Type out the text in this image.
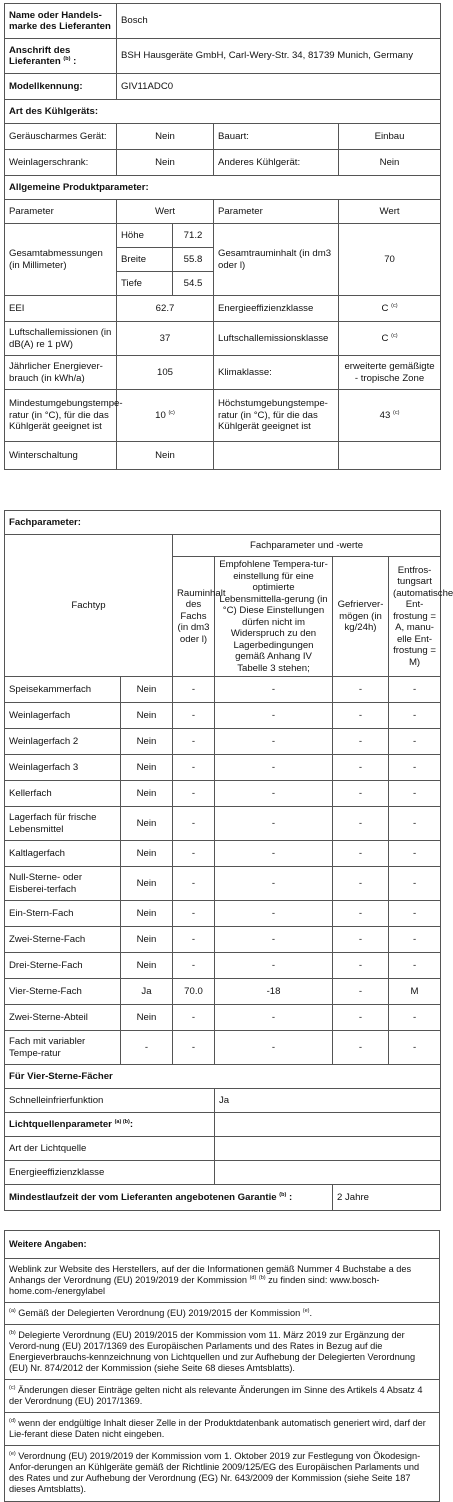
Name oder Handels-marke des Lieferanten	Bosch			
Anschrift des Lieferanten $^{(b)}$ :	BSH Hausgeräte GmbH, Carl-Wery-Str. 34, 81739 Munich, Germany			
Modellkennung:	GIV11ADC0			
Art des Kühlgeräts:				
Geräuscharmes Gerät:	Nein		Bauart:	Einbau
Weinlagerschrank:	Nein		Anderes Kühlgerät:	Nein
Allgemeine Produktparameter:				
Parameter	Wert		Parameter	Wert
Gesamtabmessungen (in Millimeter)	Höhe	71.2	Gesamtrauminhalt (in dm3 oder l)	70
	Breite	55.8		
	Tiefe	54.5		
EEI	62.7		Energieeffizienzklasse	C $^{(c)}$
Luftschallemissionen (in dB(A) re 1 pW)	37		Luftschallemissionsklasse	C $^{(c)}$
Jährlicher Energiever-brauch (in kWh/a)	105		Klimaklasse:	erweiterte gemäßigte - tropische Zone
Mindestumgebungstempe-ratur (in °C), für die das Kühlgerät geeignet ist	10 $^{(c)}$		Höchstumgebungstempe-ratur (in °C), für die das Kühlgerät geeignet ist	43 $^{(c)}$
Winterschaltung	Nein			
Fachparameter:					
Fachtyp		Fachparameter und -werte			
		Rauminhalt des Fachs (in dm3 oder l)	Empfohlene Tempera-tur-einstellung für eine optimierte Lebensmittella-gerung (in °C) Diese Einstellungen dürfen nicht im Widerspruch zu den Lagerbedingungen gemäß Anhang IV Tabelle 3 stehen;	Gefrierver-mögen (in kg/24h)	Entfros-tungsart (automatische Ent-frostung = A, manu-elle Ent-frostung = M)
Speisekammerfach	Nein	-	-	-	-
Weinlagerfach	Nein	-	-	-	-
Weinlagerfach 2	Nein	-	-	-	-
Weinlagerfach 3	Nein	-	-	-	-
Kellerfach	Nein	-	-	-	-
Lagerfach für frische Lebensmittel	Nein	-	-	-	-
Kaltlagerfach	Nein	-	-	-	-
Null-Sterne- oder Eisberei-terfach	Nein	-	-	-	-
Ein-Stern-Fach	Nein	-	-	-	-
Zwei-Sterne-Fach	Nein	-	-	-	-
Drei-Sterne-Fach	Nein	-	-	-	-
Vier-Sterne-Fach	Ja	70.0	-18	-	M
Zwei-Sterne-Abteil	Nein	-	-	-	-
Fach mit variabler Tempe-ratur	-	-	-	-	-
Für Vier-Sterne-Fächer					
Schnelleinfrierfunktion			Ja		
Lichtquellenparameter $^{(a) (b)}$:					
Art der Lichtquelle					
Energieeffizienzklasse					
Mindestlaufzeit der vom Lieferanten angebotenen Garantie $^{(b)}$ :				2 Jahre	
Weitere Angaben:
Weblink zur Website des Herstellers, auf der die Informationen gemäß Nummer 4 Buchstabe a des Anhangs der Verordnung (EU) 2019/2019 der Kommission $^{(d)}$ $^{(b)}$ zu finden sind: www.bosch-home.com-/energylabel
$^{(a)}$ Gemäß der Delegierten Verordnung (EU) 2019/2015 der Kommission $^{(e)}$.
$^{(b)}$ Delegierte Verordnung (EU) 2019/2015 der Kommission vom 11. März 2019 zur Ergänzung der Verord-nung (EU) 2017/1369 des Europäischen Parlaments und des Rates in Bezug auf die Energieverbrauchs-kennzeichnung von Lichtquellen und zur Aufhebung der Delegierten Verordnung (EU) Nr. 874/2012 der Kommission (siehe Seite 68 dieses Amtsblatts).
$^{(c)}$ Änderungen dieser Einträge gelten nicht als relevante Änderungen im Sinne des Artikels 4 Absatz 4 der Verordnung (EU) 2017/1369.
$^{(d)}$ wenn der endgültige Inhalt dieser Zelle in der Produktdatenbank automatisch generiert wird, darf der Lie-ferant diese Daten nicht eingeben.
$^{(e)}$ Verordnung (EU) 2019/2019 der Kommission vom 1. Oktober 2019 zur Festlegung von Ökodesign-Anfor-derungen an Kühlgeräte gemäß der Richtlinie 2009/125/EG des Europäischen Parlaments und des Rates und zur Aufhebung der Verordnung (EG) Nr. 643/2009 der Kommission (siehe Seite 187 dieses Amtsblatts).
